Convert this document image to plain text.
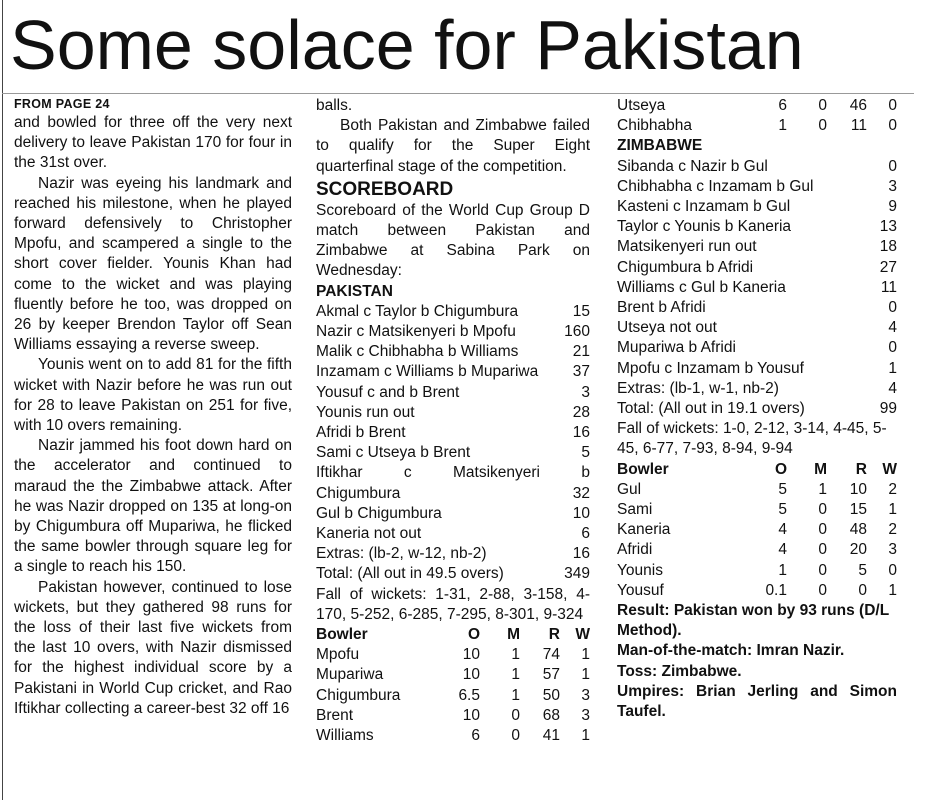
Some solace for Pakistan
FROM PAGE 24

and bowled for three off the very next delivery to leave Pakistan 170 for four in the 31st over.

Nazir was eyeing his landmark and reached his milestone, when he played forward defensively to Christopher Mpofu, and scampered a single to the short cover fielder. Younis Khan had come to the wicket and was playing fluently before he too, was dropped on 26 by keeper Brendon Taylor off Sean Williams essaying a reverse sweep.

Younis went on to add 81 for the fifth wicket with Nazir before he was run out for 28 to leave Pakistan on 251 for five, with 10 overs remaining.

Nazir jammed his foot down hard on the accelerator and continued to maraud the the Zimbabwe attack. After he was Nazir dropped on 135 at long-on by Chigumbura off Mupariwa, he flicked the same bowler through square leg for a single to reach his 150.

Pakistan however, continued to lose wickets, but they gathered 98 runs for the loss of their last five wickets from the last 10 overs, with Nazir dismissed for the highest individual score by a Pakistani in World Cup cricket, and Rao Iftikhar collecting a career-best 32 off 16

balls.

Both Pakistan and Zimbabwe failed to qualify for the Super Eight quarterfinal stage of the competition.

SCOREBOARD
Scoreboard of the World Cup Group D match between Pakistan and Zimbabwe at Sabina Park on Wednesday:
PAKISTAN
Akmal c Taylor b Chigumbura	15
Nazir c Matsikenyeri b Mpofu	160
Malik c Chibhabha b Williams	21
Inzamam c Williams b Mupariwa	37
Yousuf c and b Brent	3
Younis run out	28
Afridi b Brent	16
Sami c Utseya b Brent	5
Iftikhar c Matsikenyeri b
Chigumbura	32
Gul b Chigumbura	10
Kaneria not out	6
Extras: (lb-2, w-12, nb-2)	16
Total: (All out in 49.5 overs)	349
Fall of wickets: 1-31, 2-88, 3-158, 4-170, 5-252, 6-285, 7-295, 8-301, 9-324
Bowler	O	M	R W
Mpofu	10	1	74	1
Mupariwa	10	1	57	1
Chigumbura	6.5	1	50	3
Brent	10	0	68	3
Williams	6	0	41	1
Utseya	6	0	46	0
Chibhabha	1	0	11	0
ZIMBABWE
Sibanda c Nazir b Gul	0
Chibhabha c Inzamam b Gul	3
Kasteni c Inzamam b Gul	9
Taylor c Younis b Kaneria	13
Matsikenyeri run out	18
Chigumbura b Afridi	27
Williams c Gul b Kaneria	11
Brent b Afridi	0
Utseya not out	4
Mupariwa b Afridi	0
Mpofu c Inzamam b Yousuf	1
Extras: (lb-1, w-1, nb-2)	4
Total: (All out in 19.1 overs)	99
Fall of wickets: 1-0, 2-12, 3-14, 4-45, 5-45, 6-77, 7-93, 8-94, 9-94
Bowler	O	M	R W
Gul	5	1	10	2
Sami	5	0	15	1
Kaneria	4	0	48	2
Afridi	4	0	20	3
Younis	1	0	5	0
Yousuf	0.1	0	0	1
Result: Pakistan won by 93 runs (D/L Method).
Man-of-the-match: Imran Nazir.
Toss: Zimbabwe.
Umpires: Brian Jerling and Simon Taufel.
